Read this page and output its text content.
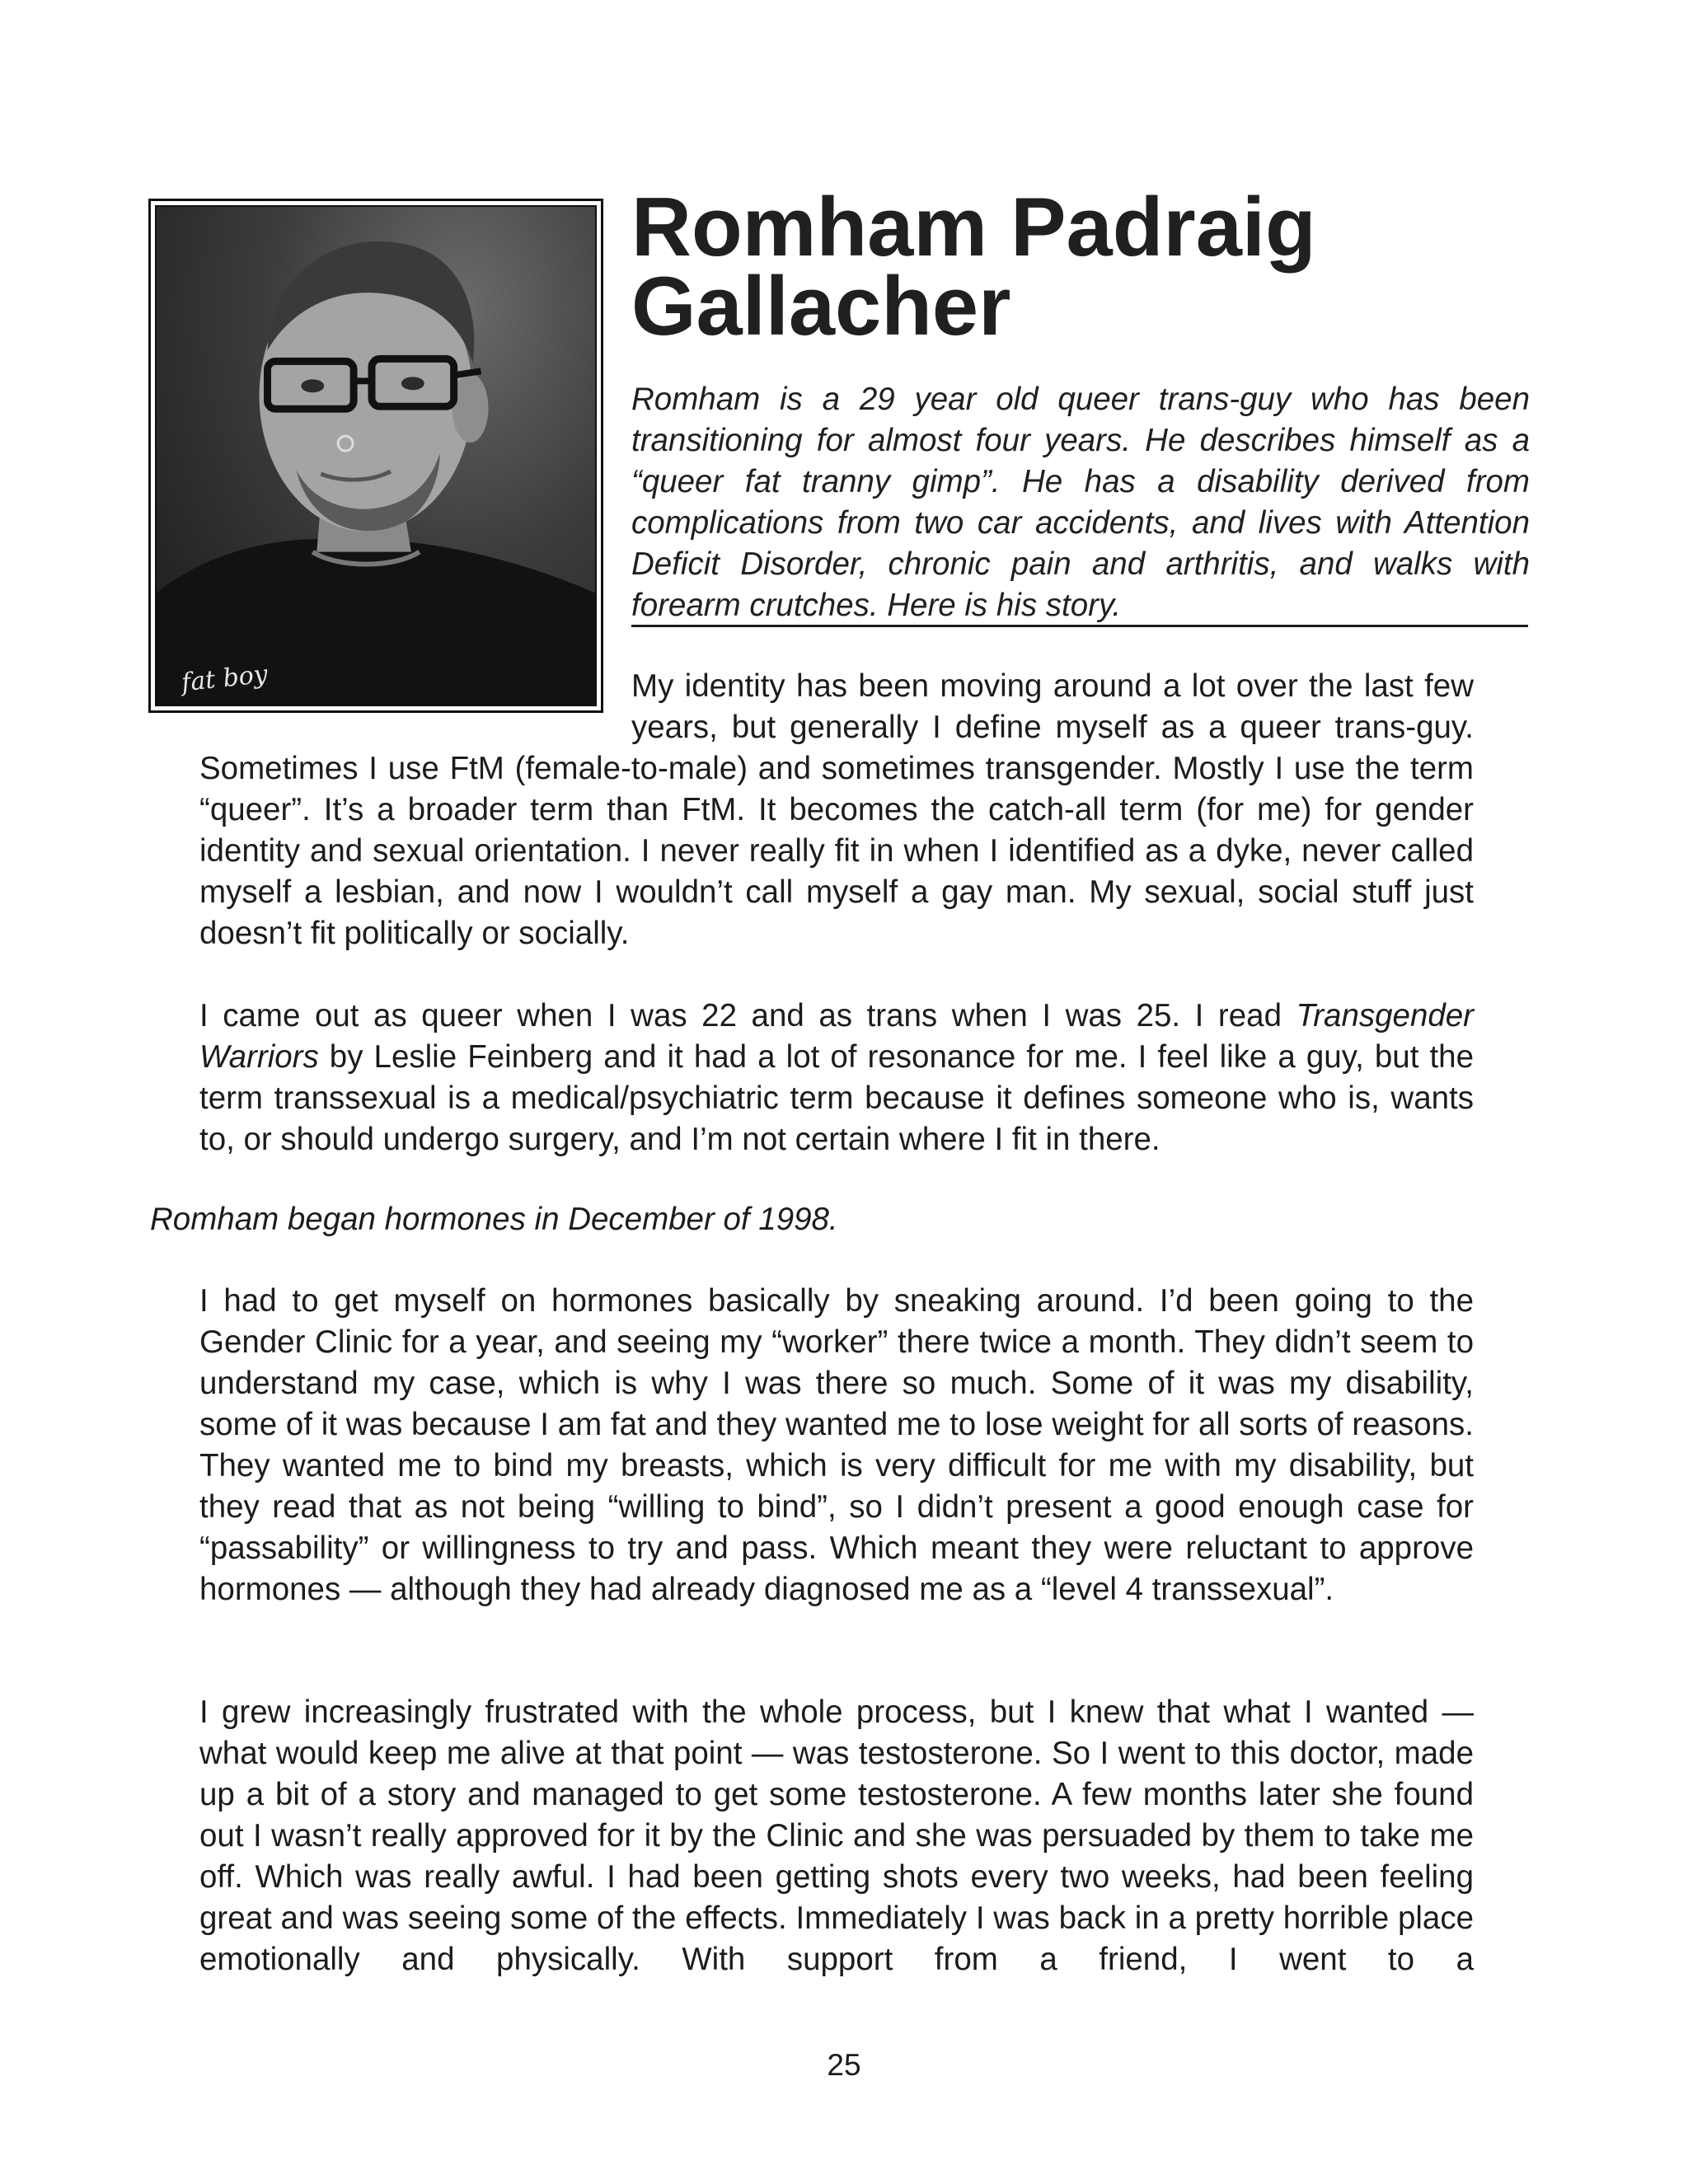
fat boy
Romham Padraig
Gallacher

Romham is a 29 year old queer trans-guy who has been transitioning for almost four years. He describes himself as a “queer fat tranny gimp”. He has a disability derived from complications from two car accidents, and lives with Attention Deficit Disorder, chronic pain and arthritis, and walks with forearm crutches. Here is his story.

My identity has been moving around a lot over the last few years, but generally I define myself as a queer trans-guy.

Sometimes I use FtM (female-to-male) and sometimes transgender. Mostly I use the term “queer”. It’s a broader term than FtM. It becomes the catch-all term (for me) for gender identity and sexual orientation. I never really fit in when I identified as a dyke, never called myself a lesbian, and now I wouldn’t call myself a gay man. My sexual, social stuff just doesn’t fit politically or socially.

I came out as queer when I was 22 and as trans when I was 25. I read Transgender Warriors by Leslie Feinberg and it had a lot of resonance for me. I feel like a guy, but the term transsexual is a medical/psychiatric term because it defines someone who is, wants to, or should undergo surgery, and I’m not certain where I fit in there.

Romham began hormones in December of 1998.

I had to get myself on hormones basically by sneaking around. I’d been going to the Gender Clinic for a year, and seeing my “worker” there twice a month. They didn’t seem to understand my case, which is why I was there so much. Some of it was my disability, some of it was because I am fat and they wanted me to lose weight for all sorts of reasons. They wanted me to bind my breasts, which is very difficult for me with my disability, but they read that as not being “willing to bind”, so I didn’t present a good enough case for “passability” or willingness to try and pass. Which meant they were reluctant to approve hormones — although they had already diagnosed me as a “level 4 transsexual”.

I grew increasingly frustrated with the whole process, but I knew that what I wanted — what would keep me alive at that point — was testosterone. So I went to this doctor, made up a bit of a story and managed to get some testosterone. A few months later she found out I wasn’t really approved for it by the Clinic and she was persuaded by them to take me off. Which was really awful. I had been getting shots every two weeks, had been feeling great and was seeing some of the effects. Immediately I was back in a pretty horrible place emotionally and physically. With support from a friend, I went to a

25
